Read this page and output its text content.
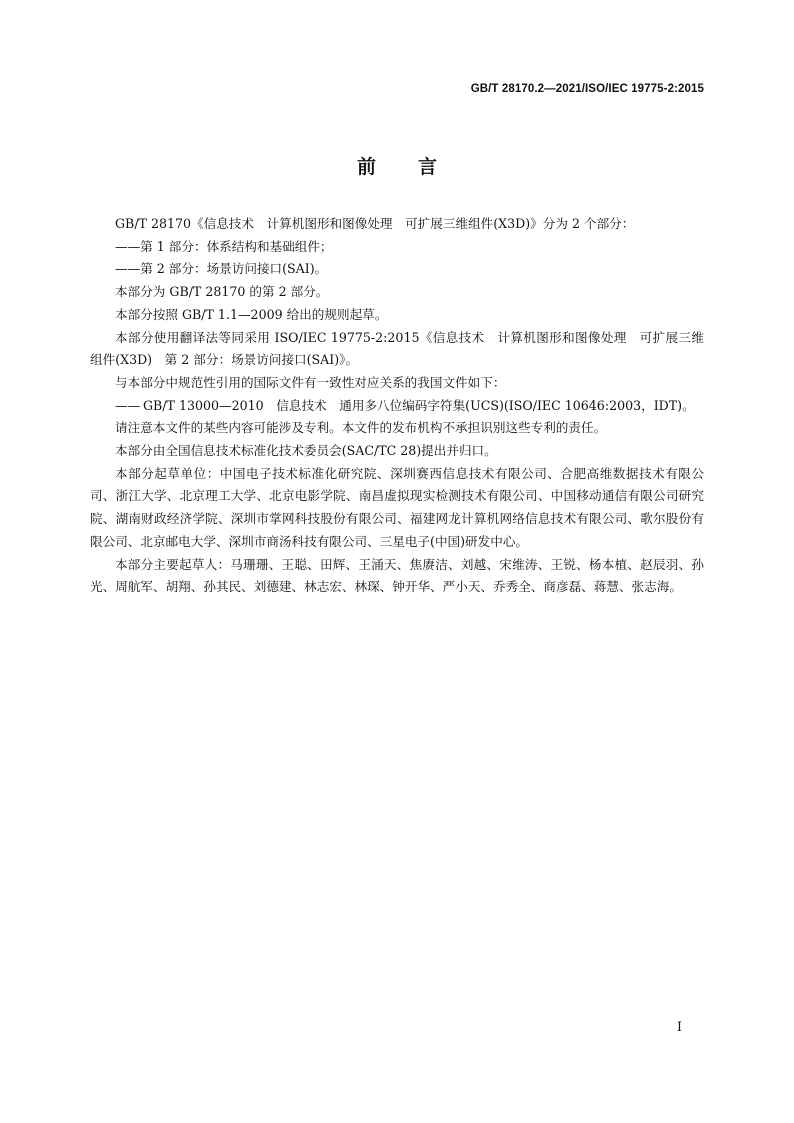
GB/T 28170.2—2021/ISO/IEC 19775-2:2015
前言

GB/T 28170《信息技术　计算机图形和图像处理　可扩展三维组件(X3D)》分为 2 个部分：

——第 1 部分：体系结构和基础组件；

——第 2 部分：场景访问接口(SAI)。

本部分为 GB/T 28170 的第 2 部分。

本部分按照 GB/T 1.1—2009 给出的规则起草。

本部分使用翻译法等同采用 ISO/IEC 19775-2:2015《信息技术　计算机图形和图像处理　可扩展三维组件(X3D)　第 2 部分：场景访问接口(SAI)》。

与本部分中规范性引用的国际文件有一致性对应关系的我国文件如下：

—— GB/T 13000—2010　信息技术　通用多八位编码字符集(UCS)(ISO/IEC 10646:2003，IDT)。

请注意本文件的某些内容可能涉及专利。本文件的发布机构不承担识别这些专利的责任。

本部分由全国信息技术标准化技术委员会(SAC/TC 28)提出并归口。

本部分起草单位：中国电子技术标准化研究院、深圳赛西信息技术有限公司、合肥高维数据技术有限公司、浙江大学、北京理工大学、北京电影学院、南昌虚拟现实检测技术有限公司、中国移动通信有限公司研究院、湖南财政经济学院、深圳市掌网科技股份有限公司、福建网龙计算机网络信息技术有限公司、歌尔股份有限公司、北京邮电大学、深圳市商汤科技有限公司、三星电子(中国)研发中心。

本部分主要起草人：马珊珊、王聪、田辉、王涌天、焦赓洁、刘越、宋维涛、王锐、杨本植、赵辰羽、孙光、周航军、胡翔、孙其民、刘德建、林志宏、林琛、钟开华、严小天、乔秀全、商彦磊、蒋慧、张志海。

I
